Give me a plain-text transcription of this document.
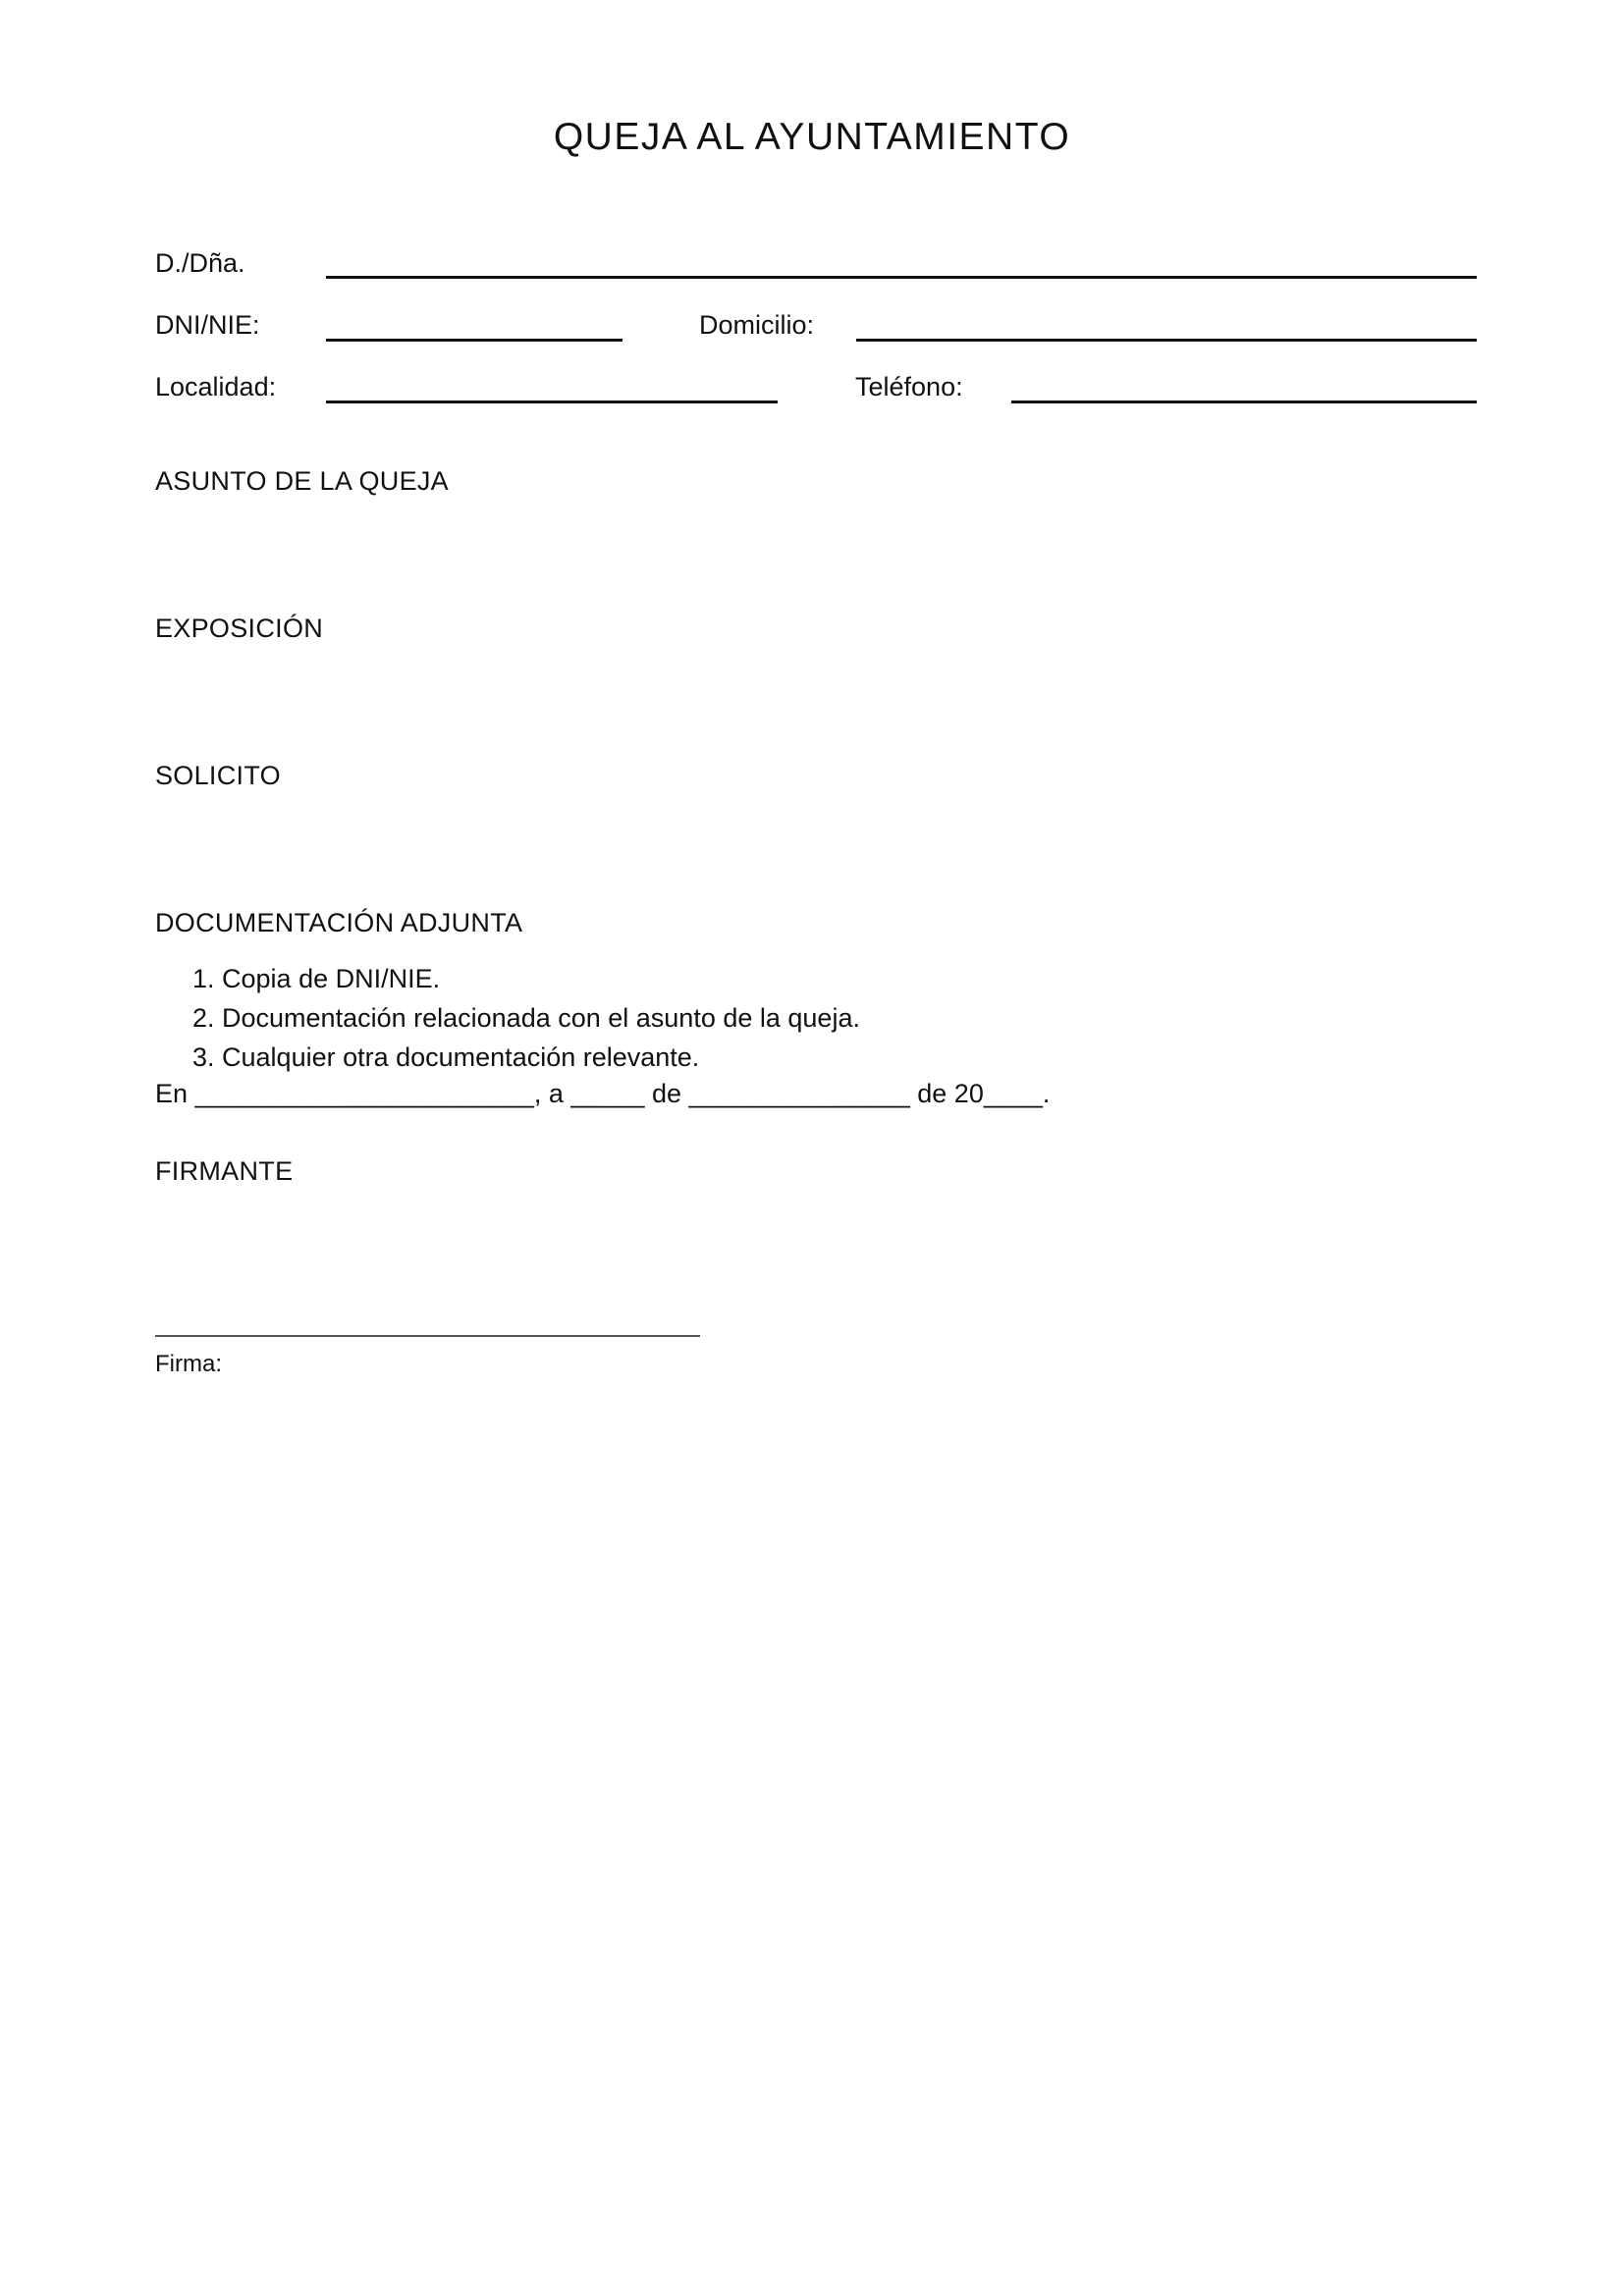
QUEJA AL AYUNTAMIENTO
D./Dña.
DNI/NIE:	Domicilio:
Localidad:	Teléfono:
ASUNTO DE LA QUEJA
EXPOSICIÓN
SOLICITO
DOCUMENTACIÓN ADJUNTA
1. Copia de DNI/NIE.
2. Documentación relacionada con el asunto de la queja.
3. Cualquier otra documentación relevante.
En _______________________, a _____ de _______________ de 20____.
FIRMANTE
Firma:
